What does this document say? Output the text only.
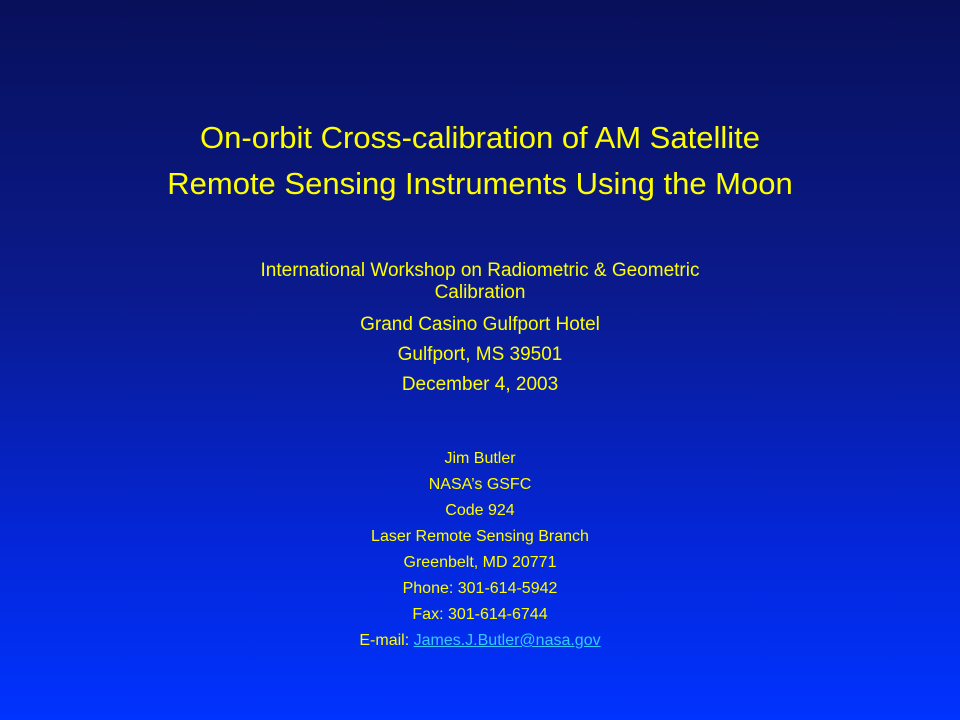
On-orbit Cross-calibration of AM Satellite
Remote Sensing Instruments Using the Moon
International Workshop on Radiometric & Geometric
Calibration
Grand Casino Gulfport Hotel
Gulfport, MS 39501
December 4, 2003
Jim Butler
NASA’s GSFC
Code 924
Laser Remote Sensing Branch
Greenbelt, MD 20771
Phone: 301-614-5942
Fax: 301-614-6744
E-mail: James.J.Butler@nasa.gov
